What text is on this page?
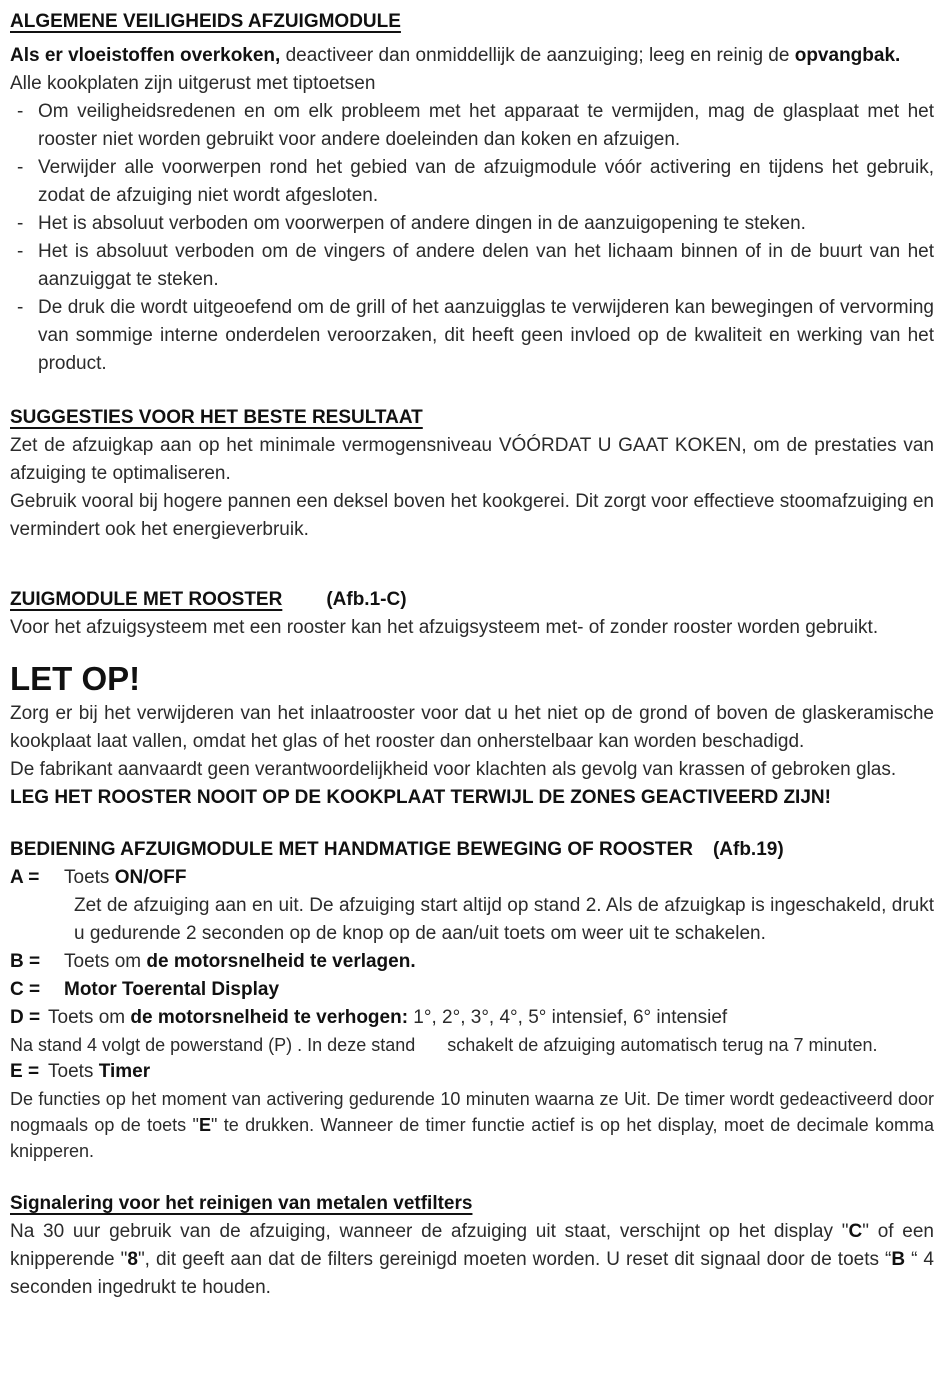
ALGEMENE VEILIGHEIDS AFZUIGMODULE

Als er vloeistoffen overkoken, deactiveer dan onmiddellijk de aanzuiging; leeg en reinig de opvangbak.

Alle kookplaten zijn uitgerust met tiptoetsen

- Om veiligheidsredenen en om elk probleem met het apparaat te vermijden, mag de glasplaat met het rooster niet worden gebruikt voor andere doeleinden dan koken en afzuigen.
- Verwijder alle voorwerpen rond het gebied van de afzuigmodule vóór activering en tijdens het gebruik, zodat de afzuiging niet wordt afgesloten.
- Het is absoluut verboden om voorwerpen of andere dingen in de aanzuigopening te steken.
- Het is absoluut verboden om de vingers of andere delen van het lichaam binnen of in de buurt van het aanzuiggat te steken.
- De druk die wordt uitgeoefend om de grill of het aanzuigglas te verwijderen kan bewegingen of vervorming van sommige interne onderdelen veroorzaken, dit heeft geen invloed op de kwaliteit en werking van het product.
SUGGESTIES VOOR HET BESTE RESULTAAT

Zet de afzuigkap aan op het minimale vermogensniveau VÓÓRDAT U GAAT KOKEN, om de prestaties van afzuiging te optimaliseren.

Gebruik vooral bij hogere pannen een deksel boven het kookgerei. Dit zorgt voor effectieve stoomafzuiging en vermindert ook het energieverbruik.

ZUIGMODULE MET ROOSTER (Afb.1-C)

Voor het afzuigsysteem met een rooster kan het afzuigsysteem met- of zonder rooster worden gebruikt.

LET OP!

Zorg er bij het verwijderen van het inlaatrooster voor dat u het niet op de grond of boven de glaskeramische kookplaat laat vallen, omdat het glas of het rooster dan onherstelbaar kan worden beschadigd.

De fabrikant aanvaardt geen verantwoordelijkheid voor klachten als gevolg van krassen of gebroken glas.

LEG HET ROOSTER NOOIT OP DE KOOKPLAAT TERWIJL DE ZONES GEACTIVEERD ZIJN!

BEDIENING AFZUIGMODULE MET HANDMATIGE BEWEGING OF ROOSTER (Afb.19)

A = Toets ON/OFF

Zet de afzuiging aan en uit. De afzuiging start altijd op stand 2. Als de afzuigkap is ingeschakeld, drukt u gedurende 2 seconden op de knop op de aan/uit toets om weer uit te schakelen.

B = Toets om de motorsnelheid te verlagen.

C = Motor Toerental Display

D = Toets om de motorsnelheid te verhogen: 1°, 2°, 3°, 4°, 5° intensief, 6° intensief

Na stand 4 volgt de powerstand (P) . In deze stand schakelt de afzuiging automatisch terug na 7 minuten.

E = Toets Timer

De functies op het moment van activering gedurende 10 minuten waarna ze Uit. De timer wordt gedeactiveerd door nogmaals op de toets "E" te drukken. Wanneer de timer functie actief is op het display, moet de decimale komma knipperen.

Signalering voor het reinigen van metalen vetfilters

Na 30 uur gebruik van de afzuiging, wanneer de afzuiging uit staat, verschijnt op het display "C" of een knipperende "8", dit geeft aan dat de filters gereinigd moeten worden. U reset dit signaal door de toets “B “ 4 seconden ingedrukt te houden.
